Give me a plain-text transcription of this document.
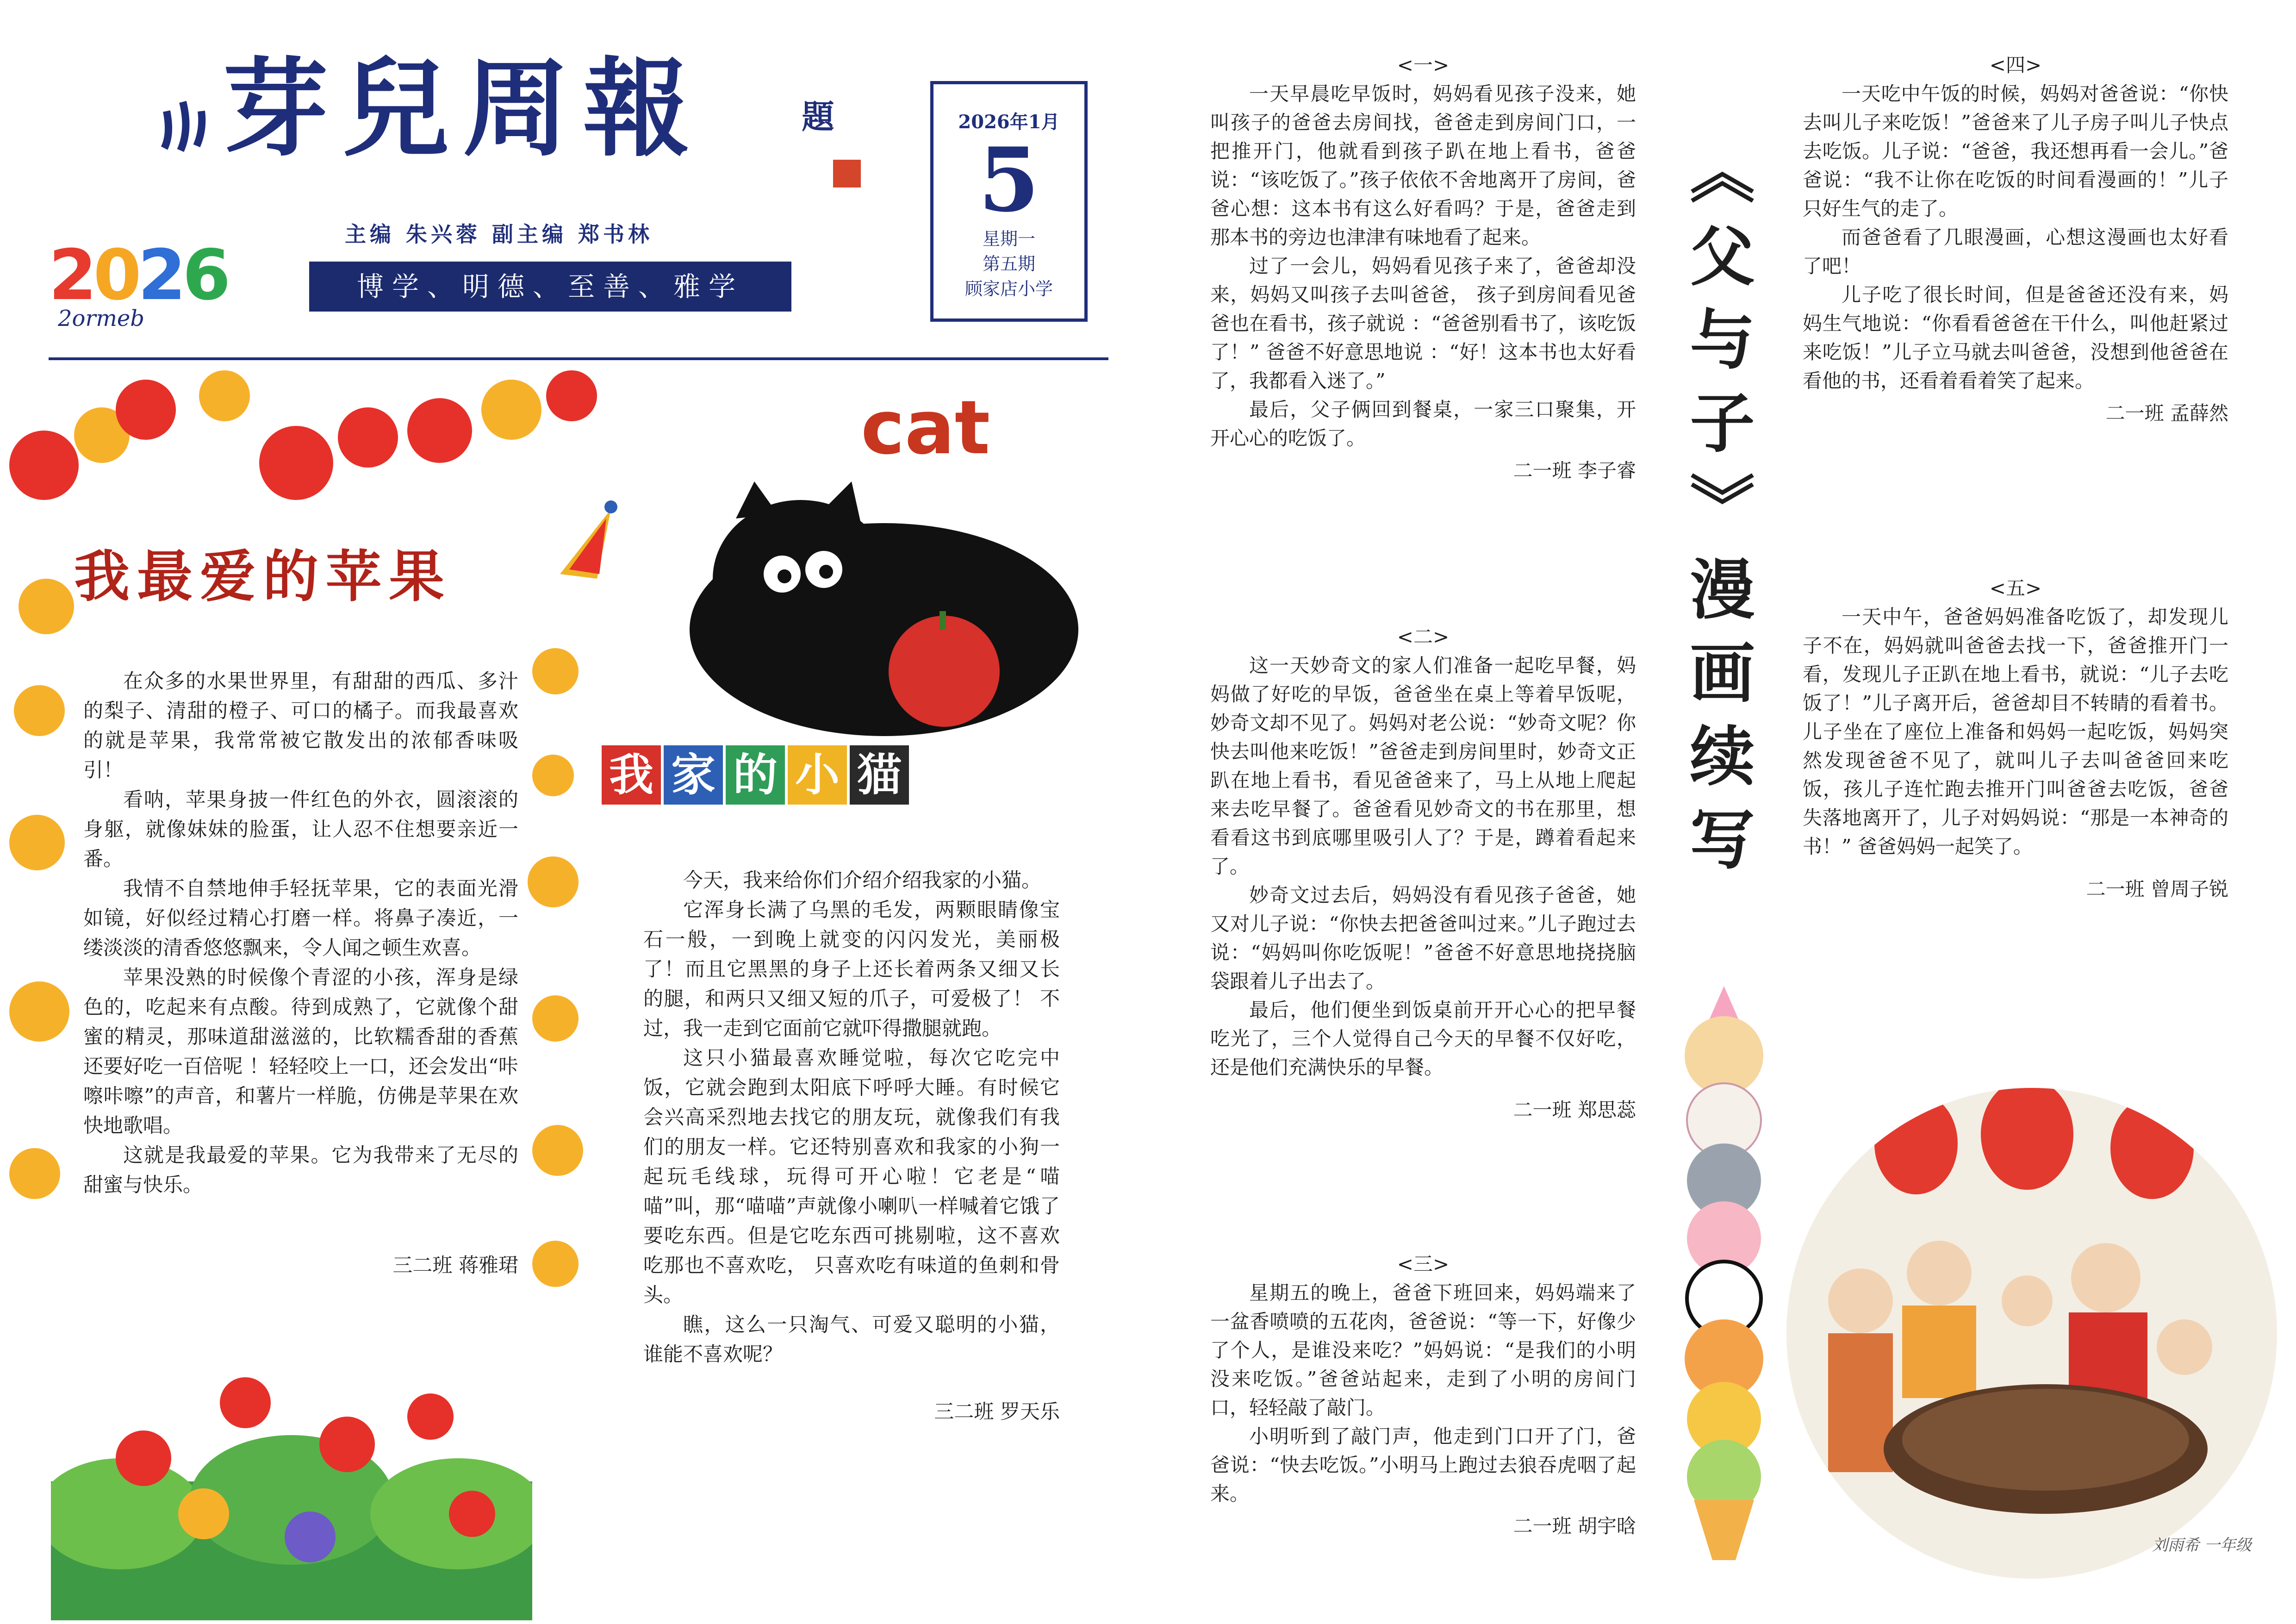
芽兒周報	題
主编 朱兴蓉 副主编 郑书林
博学、明德、至善、雅学
2026年1月
5
星期一
第五期
顾家店小学
2026
2ormeb
我最爱的苹果

在众多的水果世界里，有甜甜的西瓜、多汁的梨子、清甜的橙子、可口的橘子。而我最喜欢的就是苹果，我常常被它散发出的浓郁香味吸引！

看呐，苹果身披一件红色的外衣，圆滚滚的身躯，就像妹妹的脸蛋，让人忍不住想要亲近一番。

我情不自禁地伸手轻抚苹果，它的表面光滑如镜，好似经过精心打磨一样。将鼻子凑近，一缕淡淡的清香悠悠飘来，令人闻之顿生欢喜。

苹果没熟的时候像个青涩的小孩，浑身是绿色的，吃起来有点酸。待到成熟了，它就像个甜蜜的精灵，那味道甜滋滋的，比软糯香甜的香蕉还要好吃一百倍呢 ！轻轻咬上一口，还会发出“咔嚓咔嚓”的声音，和薯片一样脆，仿佛是苹果在欢快地歌唱。

这就是我最爱的苹果。它为我带来了无尽的甜蜜与快乐。

三二班 蒋雅珺

cat
我 家 的 小 猫

今天，我来给你们介绍介绍我家的小猫。

它浑身长满了乌黑的毛发，两颗眼睛像宝石一般，一到晚上就变的闪闪发光，美丽极了！而且它黑黑的身子上还长着两条又细又长的腿，和两只又细又短的爪子，可爱极了！ 不过，我一走到它面前它就吓得撒腿就跑。

这只小猫最喜欢睡觉啦，每次它吃完中饭，它就会跑到太阳底下呼呼大睡。有时候它会兴高采烈地去找它的朋友玩，就像我们有我们的朋友一样。它还特别喜欢和我家的小狗一起玩毛线球，玩得可开心啦！它老是“喵喵”叫，那“喵喵”声就像小喇叭一样喊着它饿了要吃东西。但是它吃东西可挑剔啦，这不喜欢吃那也不喜欢吃， 只喜欢吃有味道的鱼刺和骨头。

瞧，这么一只淘气、可爱又聪明的小猫，谁能不喜欢呢？

三二班 罗天乐

《父与子》漫画续写

<一>

一天早晨吃早饭时，妈妈看见孩子没来，她叫孩子的爸爸去房间找，爸爸走到房间门口，一把推开门，他就看到孩子趴在地上看书，爸爸说：“该吃饭了。”孩子依依不舍地离开了房间，爸爸心想：这本书有这么好看吗？于是，爸爸走到那本书的旁边也津津有味地看了起来。

过了一会儿，妈妈看见孩子来了，爸爸却没来，妈妈又叫孩子去叫爸爸， 孩子到房间看见爸爸也在看书，孩子就说 ：“爸爸别看书了，该吃饭了！” 爸爸不好意思地说 ：“好！这本书也太好看了，我都看入迷了。”

最后，父子俩回到餐桌，一家三口聚集，开开心心的吃饭了。

二一班 李子睿

<二>

这一天妙奇文的家人们准备一起吃早餐，妈妈做了好吃的早饭，爸爸坐在桌上等着早饭呢，妙奇文却不见了。妈妈对老公说：“妙奇文呢？你快去叫他来吃饭！”爸爸走到房间里时，妙奇文正趴在地上看书，看见爸爸来了，马上从地上爬起来去吃早餐了。爸爸看见妙奇文的书在那里，想看看这书到底哪里吸引人了？于是，蹲着看起来了。

妙奇文过去后，妈妈没有看见孩子爸爸，她又对儿子说：“你快去把爸爸叫过来。”儿子跑过去说：“妈妈叫你吃饭呢！”爸爸不好意思地挠挠脑袋跟着儿子出去了。

最后，他们便坐到饭桌前开开心心的把早餐吃光了，三个人觉得自己今天的早餐不仅好吃，还是他们充满快乐的早餐。

二一班 郑思蕊

<三>

星期五的晚上，爸爸下班回来，妈妈端来了一盆香喷喷的五花肉，爸爸说：“等一下，好像少了个人，是谁没来吃？”妈妈说：“是我们的小明没来吃饭。”爸爸站起来，走到了小明的房间门口，轻轻敲了敲门。

小明听到了敲门声，他走到门口开了门，爸爸说：“快去吃饭。”小明马上跑过去狼吞虎咽了起来。

二一班 胡宇晗

<四>

一天吃中午饭的时候，妈妈对爸爸说：“你快去叫儿子来吃饭！”爸爸来了儿子房子叫儿子快点去吃饭。儿子说：“爸爸，我还想再看一会儿。”爸爸说：“我不让你在吃饭的时间看漫画的！”儿子只好生气的走了。

而爸爸看了几眼漫画，心想这漫画也太好看了吧！

儿子吃了很长时间，但是爸爸还没有来，妈妈生气地说：“你看看爸爸在干什么，叫他赶紧过来吃饭！”儿子立马就去叫爸爸，没想到他爸爸在看他的书，还看着看着笑了起来。

二一班 孟薛然

<五>

一天中午，爸爸妈妈准备吃饭了，却发现儿子不在，妈妈就叫爸爸去找一下，爸爸推开门一看，发现儿子正趴在地上看书，就说：“儿子去吃饭了！”儿子离开后，爸爸却目不转睛的看着书。儿子坐在了座位上准备和妈妈一起吃饭，妈妈突然发现爸爸不见了，就叫儿子去叫爸爸回来吃饭，孩儿子连忙跑去推开门叫爸爸去吃饭，爸爸失落地离开了，儿子对妈妈说：“那是一本神奇的书！” 爸爸妈妈一起笑了。

二一班 曾周子锐

刘雨希 一年级
